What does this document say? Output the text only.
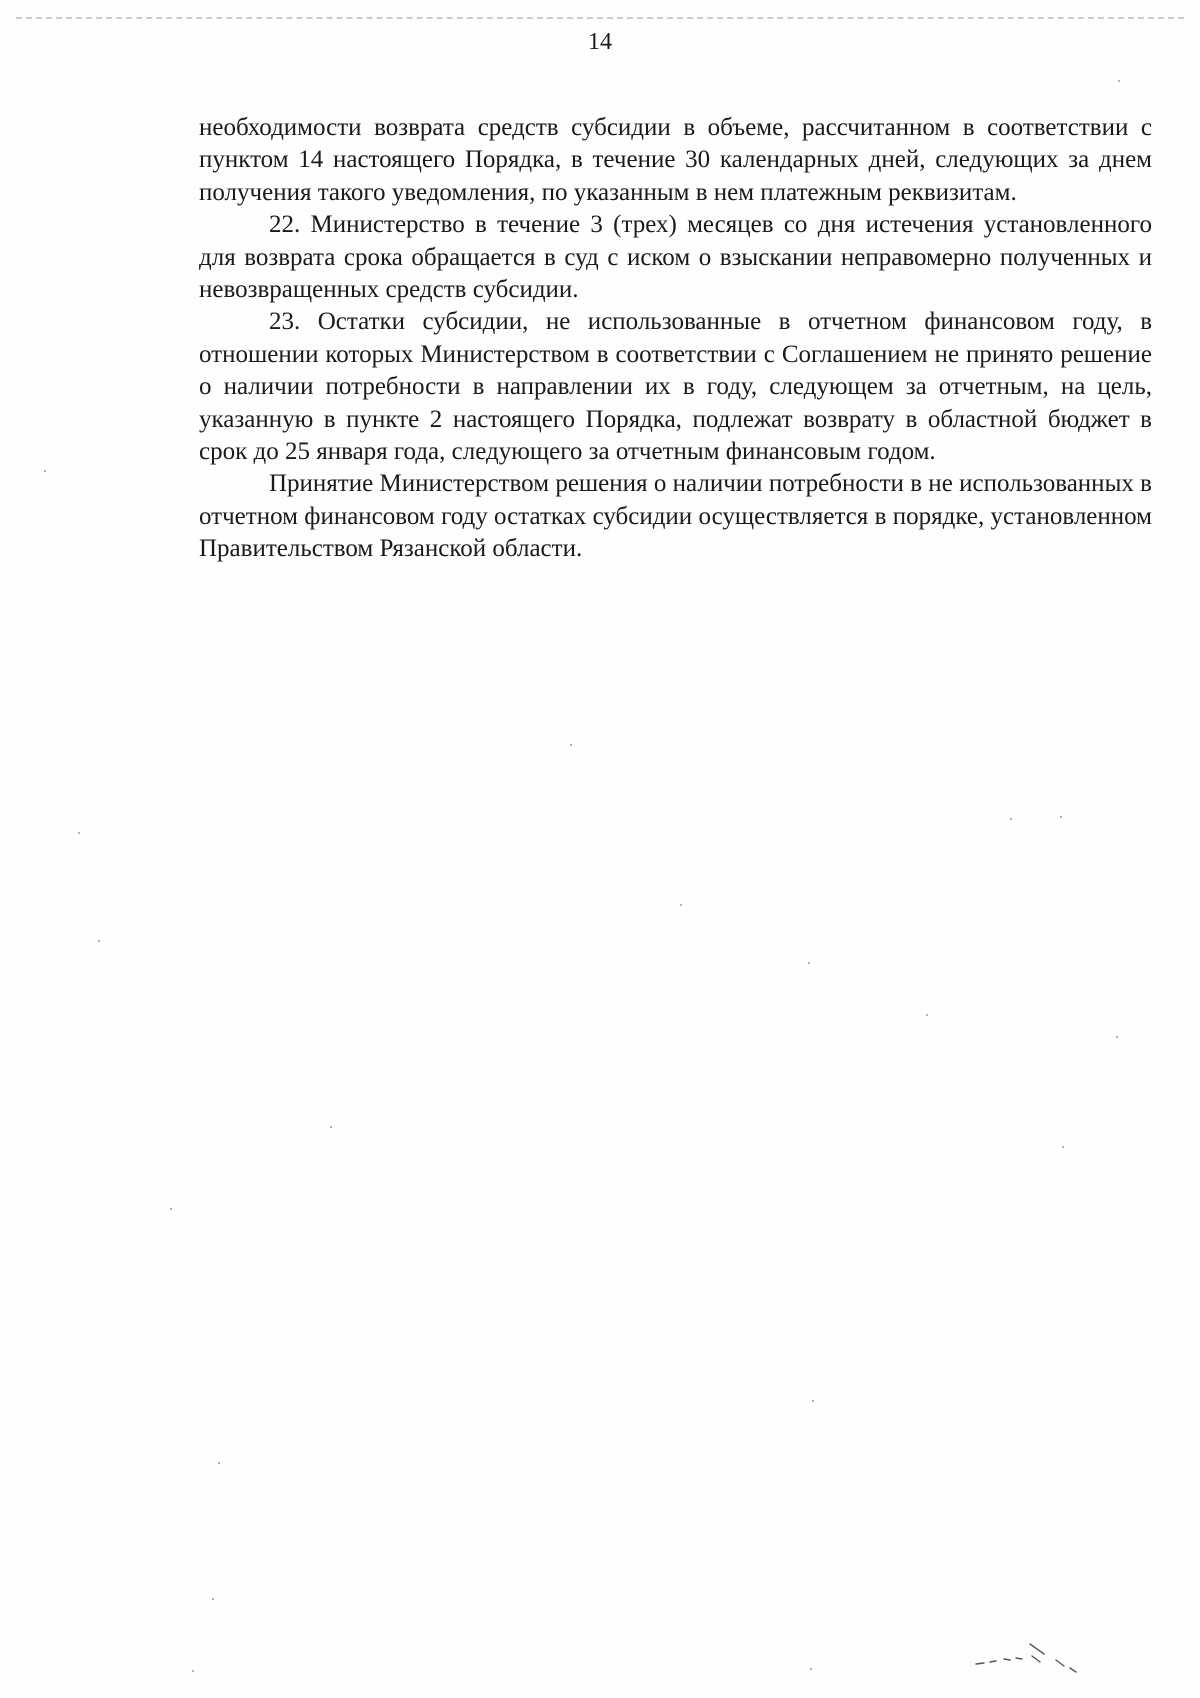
14

необходимости возврата средств субсидии в объеме, рассчитанном в соответствии с пунктом 14 настоящего Порядка, в течение 30 календарных дней, следующих за днем получения такого уведомления, по указанным в нем платежным реквизитам.

22. Министерство в течение 3 (трех) месяцев со дня истечения установленного для возврата срока обращается в суд с иском о взыскании неправомерно полученных и невозвращенных средств субсидии.

23. Остатки субсидии, не использованные в отчетном финансовом году, в отношении которых Министерством в соответствии с Соглашением не принято решение о наличии потребности в направлении их в году, следующем за отчетным, на цель, указанную в пункте 2 настоящего Порядка, подлежат возврату в областной бюджет в срок до 25 января года, следующего за отчетным финансовым годом.

Принятие Министерством решения о наличии потребности в не использованных в отчетном финансовом году остатках субсидии осуществляется в порядке, установленном Правительством Рязанской области.
